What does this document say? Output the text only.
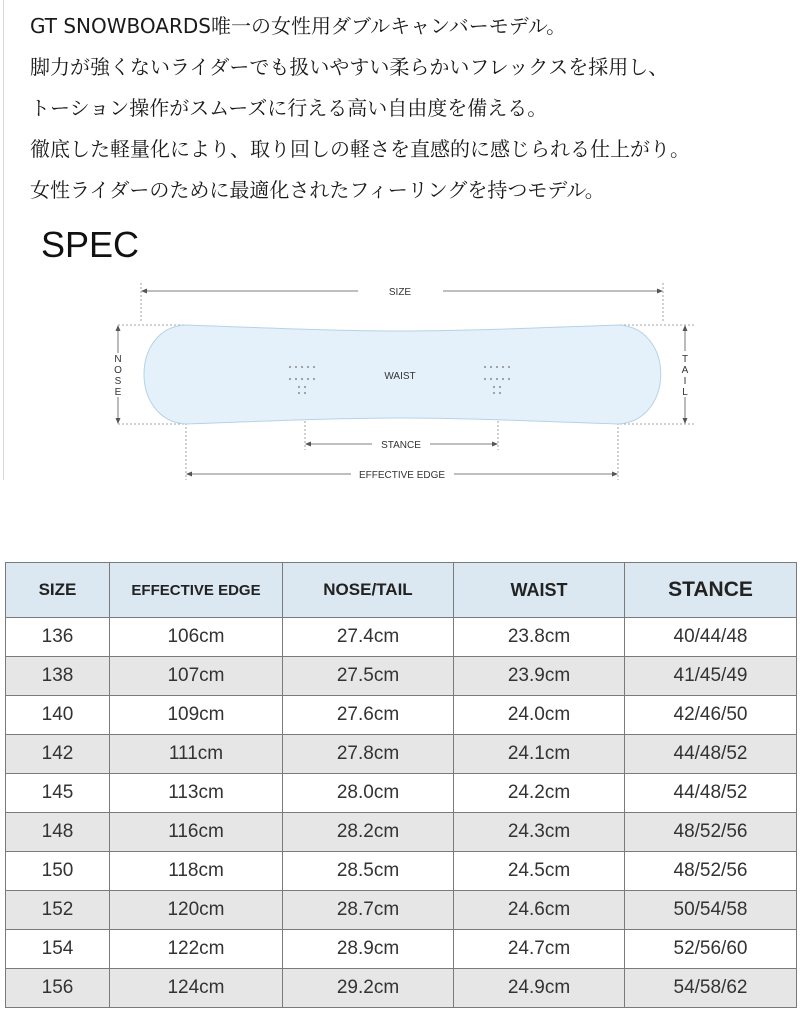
GT SNOWBOARDS唯一の女性用ダブルキャンバーモデル。

脚力が強くないライダーでも扱いやすい柔らかいフレックスを採用し、

トーション操作がスムーズに行える高い自由度を備える。

徹底した軽量化により、取り回しの軽さを直感的に感じられる仕上がり。

女性ライダーのために最適化されたフィーリングを持つモデル。

SPEC
SIZE
WAIST
STANCE
EFFECTIVE EDGE
N
O
S
E
T
A
I
L
SIZE	EFFECTIVE EDGE	NOSE/TAIL	WAIST	STANCE
136	106cm	27.4cm	23.8cm	40/44/48
138	107cm	27.5cm	23.9cm	41/45/49
140	109cm	27.6cm	24.0cm	42/46/50
142	111cm	27.8cm	24.1cm	44/48/52
145	113cm	28.0cm	24.2cm	44/48/52
148	116cm	28.2cm	24.3cm	48/52/56
150	118cm	28.5cm	24.5cm	48/52/56
152	120cm	28.7cm	24.6cm	50/54/58
154	122cm	28.9cm	24.7cm	52/56/60
156	124cm	29.2cm	24.9cm	54/58/62
